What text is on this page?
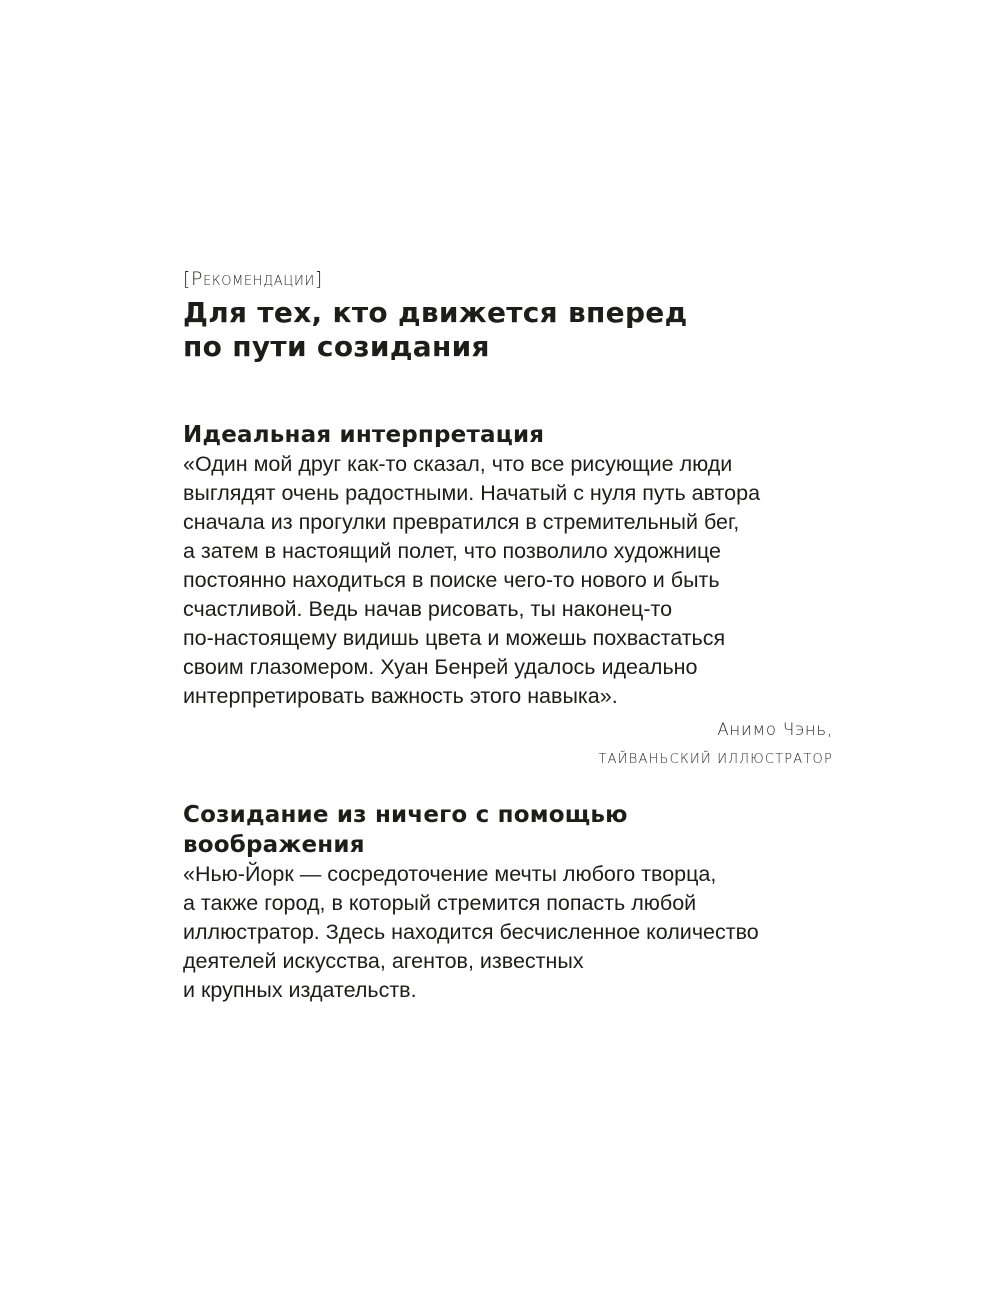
[Рекомендации]
Для тех, кто движется вперед
по пути созидания
Идеальная интерпретация

«Один мой друг как-то сказал, что все рисующие люди
выглядят очень радостными. Начатый с нуля путь автора
сначала из прогулки превратился в стремительный бег,
а затем в настоящий полет, что позволило художнице
постоянно находиться в поиске чего-то нового и быть
счастливой. Ведь начав рисовать, ты наконец-то
по-настоящему видишь цвета и можешь похвастаться
своим глазомером. Хуан Бенрей удалось идеально
интерпретировать важность этого навыка».

Анимо Чэнь,
ТАЙВАНЬСКИЙ ИЛЛЮСТРАТОР
Созидание из ничего с помощью
воображения

«Нью-Йорк — сосредоточение мечты любого творца,
а также город, в который стремится попасть любой
иллюстратор. Здесь находится бесчисленное количество
деятелей искусства, агентов, известных
и крупных издательств.
